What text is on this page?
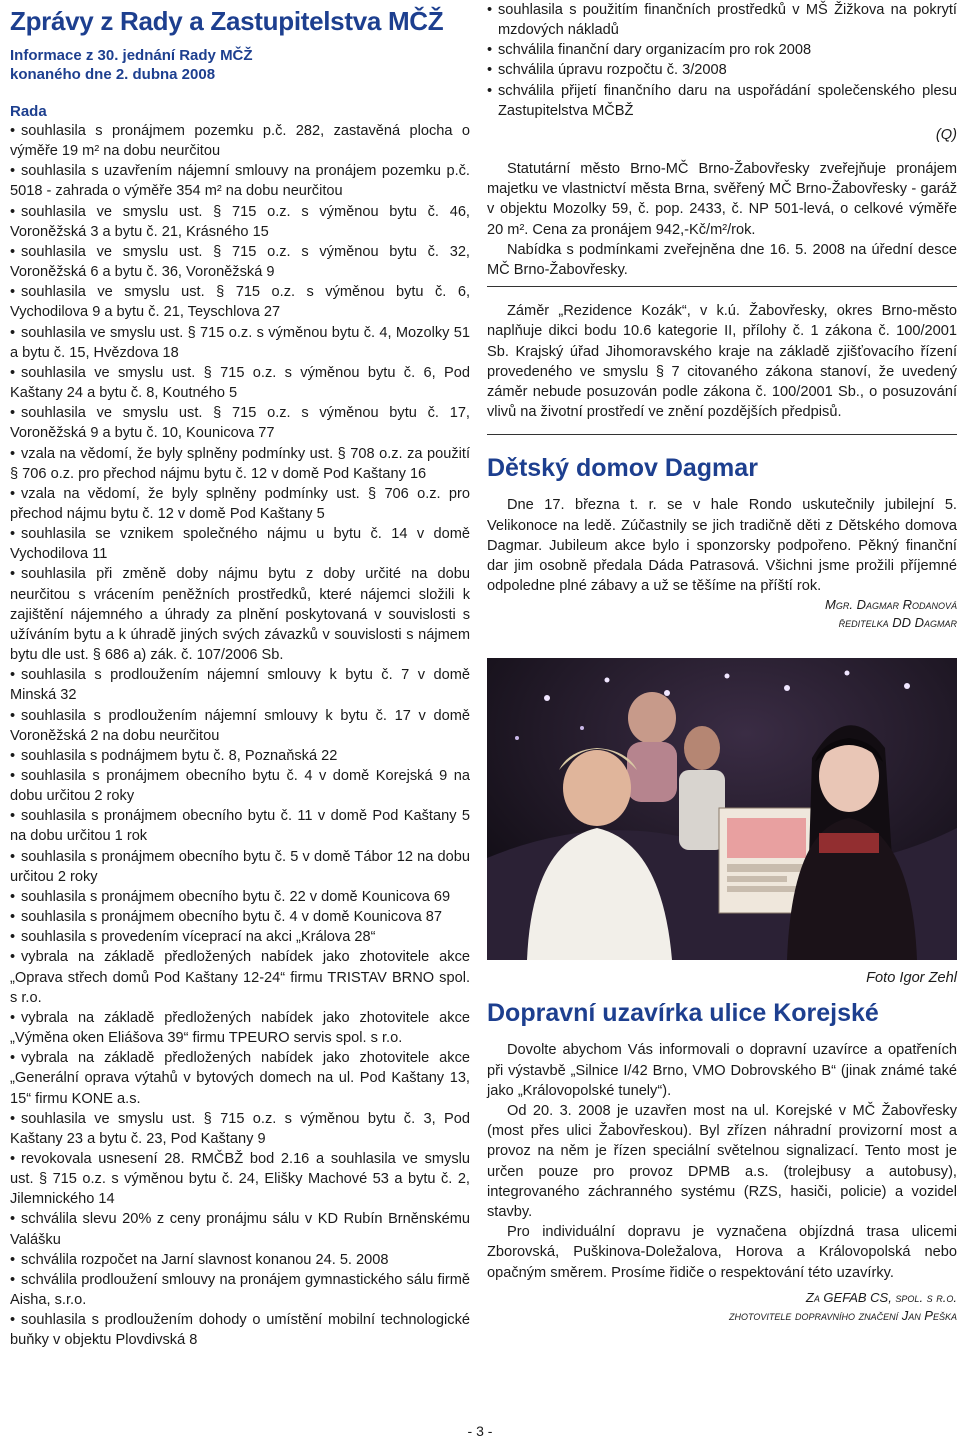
Zprávy z Rady a Zastupitelstva MČŽ
Informace z 30. jednání Rady MČŽ
konaného dne 2. dubna 2008
Rada
•souhlasila s pronájmem pozemku p.č. 282, zastavěná plocha o výměře 19 m² na dobu neurčitou
•souhlasila s uzavřením nájemní smlouvy na pronájem pozemku p.č. 5018 - zahrada o výměře 354 m² na dobu neurčitou
•souhlasila ve smyslu ust. § 715 o.z. s výměnou bytu č. 46, Voroněžská 3 a bytu č. 21, Krásného 15
•souhlasila ve smyslu ust. § 715 o.z. s výměnou bytu č. 32, Voroněžská 6 a bytu č. 36, Voroněžská 9
•souhlasila ve smyslu ust. § 715 o.z. s výměnou bytu č. 6, Vychodilova 9 a bytu č. 21, Teyschlova 27
•souhlasila ve smyslu ust. § 715 o.z. s výměnou bytu č. 4, Mozolky 51 a bytu č. 15, Hvězdova 18
•souhlasila ve smyslu ust. § 715 o.z. s výměnou bytu č. 6, Pod Kaštany 24 a bytu č. 8, Koutného 5
•souhlasila ve smyslu ust. § 715 o.z. s výměnou bytu č. 17, Voroněžská 9 a bytu č. 10, Kounicova 77
•vzala na vědomí, že byly splněny podmínky ust. § 708 o.z. za použití § 706 o.z. pro přechod nájmu bytu č. 12 v domě Pod Kaštany 16
•vzala na vědomí, že byly splněny podmínky ust. § 706 o.z. pro přechod nájmu bytu č. 12 v domě Pod Kaštany 5
•souhlasila se vznikem společného nájmu u bytu č. 14 v domě Vychodilova 11
•souhlasila při změně doby nájmu bytu z doby určité na dobu neurčitou s vrácením peněžních prostředků, které nájemci složili k zajištění nájemného a úhrady za plnění poskytovaná v souvislosti s užíváním bytu a k úhradě jiných svých závazků v souvislosti s nájmem bytu dle ust. § 686 a) zák. č. 107/2006 Sb.
•souhlasila s prodloužením nájemní smlouvy k bytu č. 7 v domě Minská 32
•souhlasila s prodloužením nájemní smlouvy k bytu č. 17 v domě Voroněžská 2 na dobu neurčitou
•souhlasila s podnájmem bytu č. 8, Poznaňská 22
•souhlasila s pronájmem obecního bytu č. 4 v domě Korejská 9 na dobu určitou 2 roky
•souhlasila s pronájmem obecního bytu č. 11 v domě Pod Kaštany 5 na dobu určitou 1 rok
•souhlasila s pronájmem obecního bytu č. 5 v domě Tábor 12 na dobu určitou 2 roky
•souhlasila s pronájmem obecního bytu č. 22 v domě Kounicova 69
•souhlasila s pronájmem obecního bytu č. 4 v domě Kounicova 87
•souhlasila s provedením víceprací na akci „Králova 28“
•vybrala na základě předložených nabídek jako zhotovitele akce „Oprava střech domů Pod Kaštany 12-24“ firmu TRISTAV BRNO spol. s r.o.
•vybrala na základě předložených nabídek jako zhotovitele akce „Výměna oken Eliášova 39“ firmu TPEURO servis spol. s r.o.
•vybrala na základě předložených nabídek jako zhotovitele akce „Generální oprava výtahů v bytových domech na ul. Pod Kaštany 13, 15“ firmu KONE a.s.
•souhlasila ve smyslu ust. § 715 o.z. s výměnou bytu č. 3, Pod Kaštany 23 a bytu č. 23, Pod Kaštany 9
•revokovala usnesení 28. RMČBŽ bod 2.16 a souhlasila ve smyslu ust. § 715 o.z. s výměnou bytu č. 24, Elišky Machové 53 a bytu č. 2, Jilemnického 14
•schválila slevu 20% z ceny pronájmu sálu v KD Rubín Brněnskému Valášku
•schválila rozpočet na Jarní slavnost konanou 24. 5. 2008
•schválila prodloužení smlouvy na pronájem gymnastického sálu firmě Aisha, s.r.o.
•souhlasila s prodloužením dohody o umístění mobilní technologické buňky v objektu Plovdivská 8
• souhlasila s použitím finančních prostředků v MŠ Žižkova na pokrytí mzdových nákladů
• schválila finanční dary organizacím pro rok 2008
• schválila úpravu rozpočtu č. 3/2008
• schválila přijetí finančního daru na uspořádání společenského plesu Zastupitelstva MČBŽ
(Q)

Statutární město Brno-MČ Brno-Žabovřesky zveřejňuje pronájem majetku ve vlastnictví města Brna, svěřený MČ Brno-Žabovřesky - garáž v objektu Mozolky 59, č. pop. 2433, č. NP 501-levá, o celkové výměře 20 m². Cena za pronájem 942,-Kč/m²/rok.

Nabídka s podmínkami zveřejněna dne 16. 5. 2008 na úřední desce MČ Brno-Žabovřesky.

Záměr „Rezidence Kozák“, v k.ú. Žabovřesky, okres Brno-město naplňuje dikci bodu 10.6 kategorie II, přílohy č. 1 zákona č. 100/2001 Sb. Krajský úřad Jihomoravského kraje na základě zjišťovacího řízení provedeného ve smyslu § 7 citovaného zákona stanoví, že uvedený záměr nebude posuzován podle zákona č. 100/2001 Sb., o posuzování vlivů na životní prostředí ve znění pozdějších předpisů.

Dětský domov Dagmar

Dne 17. března t. r. se v hale Rondo uskutečnily jubilejní 5. Velikonoce na ledě. Zúčastnily se jich tradičně děti z Dětského domova Dagmar. Jubileum akce bylo i sponzorsky podpořeno. Pěkný finanční dar jim osobně předala Dáda Patrasová. Všichni jsme prožili příjemné odpoledne plné zábavy a už se těšíme na příští rok.

Mgr. Dagmar Rodanová

ředitelka DD Dagmar

Foto Igor Zehl
Dopravní uzavírka ulice Korejské

Dovolte abychom Vás informovali o dopravní uzavírce a opatřeních při výstavbě „Silnice I/42 Brno, VMO Dobrovského B“ (jinak známé také jako „Královopolské tunely“).

Od 20. 3. 2008 je uzavřen most na ul. Korejské v MČ Žabovřesky (most přes ulici Žabovřeskou). Byl zřízen náhradní provizorní most a provoz na něm je řízen speciální světelnou signalizací. Tento most je určen pouze pro provoz DPMB a.s. (trolejbusy a autobusy), integrovaného záchranného systému (RZS, hasiči, policie) a vozidel stavby.

Pro individuální dopravu je vyznačena objízdná trasa ulicemi Zborovská, Puškinova-Doležalova, Horova a Královopolská nebo opačným směrem. Prosíme řidiče o respektování této uzavírky.

Za GEFAB CS, spol. s r.o.

zhotovitele dopravního značení Jan Peška

- 3 -
